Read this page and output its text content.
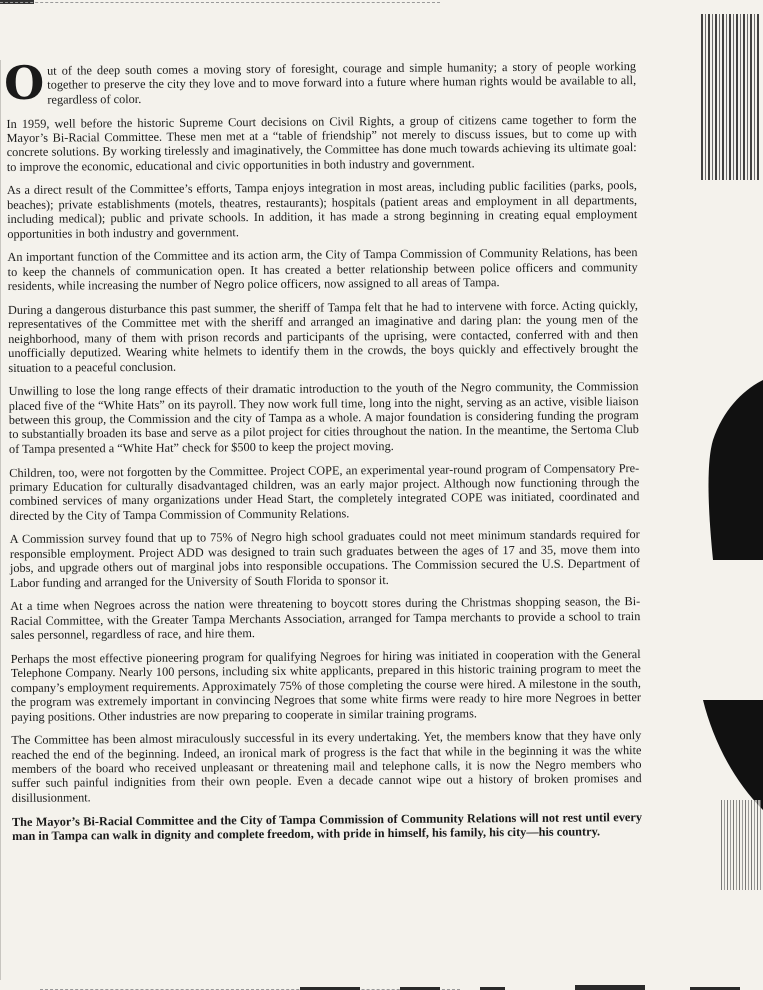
Out of the deep south comes a moving story of foresight, courage and simple humanity; a story of people working together to preserve the city they love and to move forward into a future where human rights would be available to all, regardless of color.

In 1959, well before the historic Supreme Court decisions on Civil Rights, a group of citizens came together to form the Mayor’s Bi-Racial Committee. These men met at a “table of friendship” not merely to discuss issues, but to come up with concrete solutions. By working tirelessly and imaginatively, the Committee has done much towards achieving its ultimate goal: to improve the economic, educational and civic opportunities in both industry and government.

As a direct result of the Committee’s efforts, Tampa enjoys integration in most areas, including public facilities (parks, pools, beaches); private establishments (motels, theatres, restaurants); hospitals (patient areas and employment in all departments, including medical); public and private schools. In addition, it has made a strong beginning in creating equal employment opportunities in both industry and government.

An important function of the Committee and its action arm, the City of Tampa Commission of Community Relations, has been to keep the channels of communication open. It has created a better relationship between police officers and community residents, while increasing the number of Negro police officers, now assigned to all areas of Tampa.

During a dangerous disturbance this past summer, the sheriff of Tampa felt that he had to intervene with force. Acting quickly, representatives of the Committee met with the sheriff and arranged an imaginative and daring plan: the young men of the neighborhood, many of them with prison records and participants of the uprising, were contacted, conferred with and then unofficially deputized. Wearing white helmets to identify them in the crowds, the boys quickly and effectively brought the situation to a peaceful conclusion.

Unwilling to lose the long range effects of their dramatic introduction to the youth of the Negro community, the Commission placed five of the “White Hats” on its payroll. They now work full time, long into the night, serving as an active, visible liaison between this group, the Commission and the city of Tampa as a whole. A major foundation is considering funding the program to substantially broaden its base and serve as a pilot project for cities throughout the nation. In the meantime, the Sertoma Club of Tampa presented a “White Hat” check for $500 to keep the project moving.

Children, too, were not forgotten by the Committee. Project COPE, an experimental year-round program of Compensatory Pre-primary Education for culturally disadvantaged children, was an early major project. Although now functioning through the combined services of many organizations under Head Start, the completely integrated COPE was initiated, coordinated and directed by the City of Tampa Commission of Community Relations.

A Commission survey found that up to 75% of Negro high school graduates could not meet minimum standards required for responsible employment. Project ADD was designed to train such graduates between the ages of 17 and 35, move them into jobs, and upgrade others out of marginal jobs into responsible occupations. The Commission secured the U.S. Department of Labor funding and arranged for the University of South Florida to sponsor it.

At a time when Negroes across the nation were threatening to boycott stores during the Christmas shopping season, the Bi-Racial Committee, with the Greater Tampa Merchants Association, arranged for Tampa merchants to provide a school to train sales personnel, regardless of race, and hire them.

Perhaps the most effective pioneering program for qualifying Negroes for hiring was initiated in cooperation with the General Telephone Company. Nearly 100 persons, including six white applicants, prepared in this historic training program to meet the company’s employment requirements. Approximately 75% of those completing the course were hired. A milestone in the south, the program was extremely important in convincing Negroes that some white firms were ready to hire more Negroes in better paying positions. Other industries are now preparing to cooperate in similar training programs.

The Committee has been almost miraculously successful in its every undertaking. Yet, the members know that they have only reached the end of the beginning. Indeed, an ironical mark of progress is the fact that while in the beginning it was the white members of the board who received unpleasant or threatening mail and telephone calls, it is now the Negro members who suffer such painful indignities from their own people. Even a decade cannot wipe out a history of broken promises and disillusionment.

The Mayor’s Bi-Racial Committee and the City of Tampa Commission of Community Relations will not rest until every man in Tampa can walk in dignity and complete freedom, with pride in himself, his family, his city—his country.
